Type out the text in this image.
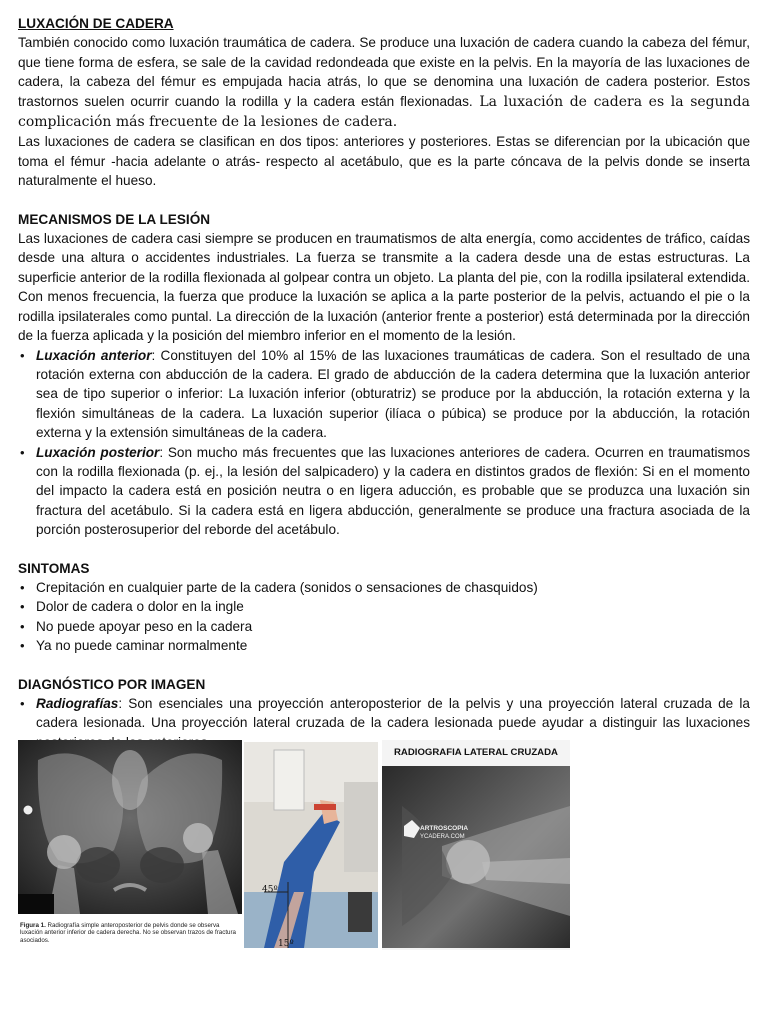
LUXACIÓN DE CADERA

También conocido como luxación traumática de cadera. Se produce una luxación de cadera cuando la cabeza del fémur, que tiene forma de esfera, se sale de la cavidad redondeada que existe en la pelvis. En la mayoría de las luxaciones de cadera, la cabeza del fémur es empujada hacia atrás, lo que se denomina una luxación de cadera posterior. Estos trastornos suelen ocurrir cuando la rodilla y la cadera están flexionadas. La luxación de cadera es la segunda complicación más frecuente de la lesiones de cadera.

Las luxaciones de cadera se clasifican en dos tipos: anteriores y posteriores. Estas se diferencian por la ubicación que toma el fémur -hacia adelante o atrás- respecto al acetábulo, que es la parte cóncava de la pelvis donde se inserta naturalmente el hueso.

MECANISMOS DE LA LESIÓN

Las luxaciones de cadera casi siempre se producen en traumatismos de alta energía, como accidentes de tráfico, caídas desde una altura o accidentes industriales. La fuerza se transmite a la cadera desde una de estas estructuras. La superficie anterior de la rodilla flexionada al golpear contra un objeto. La planta del pie, con la rodilla ipsilateral extendida. Con menos frecuencia, la fuerza que produce la luxación se aplica a la parte posterior de la pelvis, actuando el pie o la rodilla ipsilaterales como puntal. La dirección de la luxación (anterior frente a posterior) está determinada por la dirección de la fuerza aplicada y la posición del miembro inferior en el momento de la lesión.

• Luxación anterior: Constituyen del 10% al 15% de las luxaciones traumáticas de cadera. Son el resultado de una rotación externa con abducción de la cadera. El grado de abducción de la cadera determina que la luxación anterior sea de tipo superior o inferior: La luxación inferior (obturatriz) se produce por la abducción, la rotación externa y la flexión simultáneas de la cadera. La luxación superior (ilíaca o púbica) se produce por la abducción, la rotación externa y la extensión simultáneas de la cadera.
• Luxación posterior: Son mucho más frecuentes que las luxaciones anteriores de cadera. Ocurren en traumatismos con la rodilla flexionada (p. ej., la lesión del salpicadero) y la cadera en distintos grados de flexión: Si en el momento del impacto la cadera está en posición neutra o en ligera aducción, es probable que se produzca una luxación sin fractura del acetábulo. Si la cadera está en ligera abducción, generalmente se produce una fractura asociada de la porción posterosuperior del reborde del acetábulo.
SINTOMAS
• Crepitación en cualquier parte de la cadera (sonidos o sensaciones de chasquidos)
• Dolor de cadera o dolor en la ingle
• No puede apoyar peso en la cadera
• Ya no puede caminar normalmente
DIAGNÓSTICO POR IMAGEN
• Radiografías: Son esenciales una proyección anteroposterior de la pelvis y una proyección lateral cruzada de la cadera lesionada. Una proyección lateral cruzada de la cadera lesionada puede ayudar a distinguir las luxaciones
Figura 1. Radiografía simple anteroposterior de pelvis donde se observa luxación anterior inferior de cadera derecha. No se observan trazos de fractura asociados.
45º
15º
RADIOGRAFIA LATERAL CRUZADA
ARTROSCOPIA
YCADERA.COM
